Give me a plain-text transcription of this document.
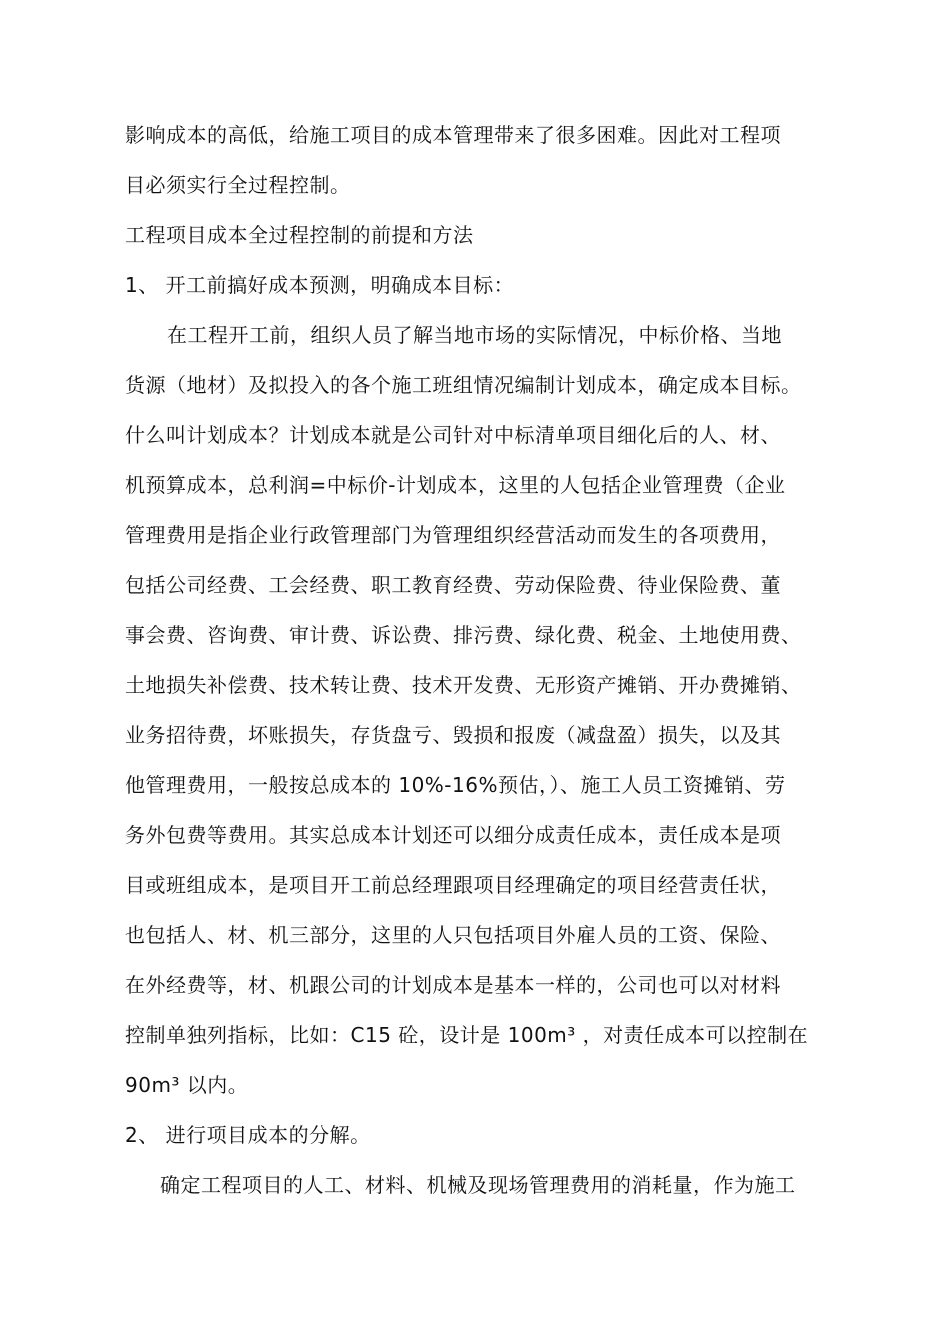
影响成本的高低，给施工项目的成本管理带来了很多困难。因此对工程项
目必须实行全过程控制。
工程项目成本全过程控制的前提和方法
1、 开工前搞好成本预测，明确成本目标：
在工程开工前，组织人员了解当地市场的实际情况，中标价格、当地
货源（地材）及拟投入的各个施工班组情况编制计划成本，确定成本目标。
什么叫计划成本？计划成本就是公司针对中标清单项目细化后的人、材、
机预算成本，总利润=中标价-计划成本，这里的人包括企业管理费（企业
管理费用是指企业行政管理部门为管理组织经营活动而发生的各项费用，
包括公司经费、工会经费、职工教育经费、劳动保险费、待业保险费、董
事会费、咨询费、审计费、诉讼费、排污费、绿化费、税金、土地使用费、
土地损失补偿费、技术转让费、技术开发费、无形资产摊销、开办费摊销、
业务招待费，坏账损失，存货盘亏、毁损和报废（减盘盈）损失，以及其
他管理费用，一般按总成本的 10%-16%预估，）、施工人员工资摊销、劳
务外包费等费用。其实总成本计划还可以细分成责任成本，责任成本是项
目或班组成本，是项目开工前总经理跟项目经理确定的项目经营责任状，
也包括人、材、机三部分，这里的人只包括项目外雇人员的工资、保险、
在外经费等，材、机跟公司的计划成本是基本一样的，公司也可以对材料
控制单独列指标，比如：C15 砼，设计是 100m³ ，对责任成本可以控制在
90m³ 以内。
2、 进行项目成本的分解。
确定工程项目的人工、材料、机械及现场管理费用的消耗量，作为施工
